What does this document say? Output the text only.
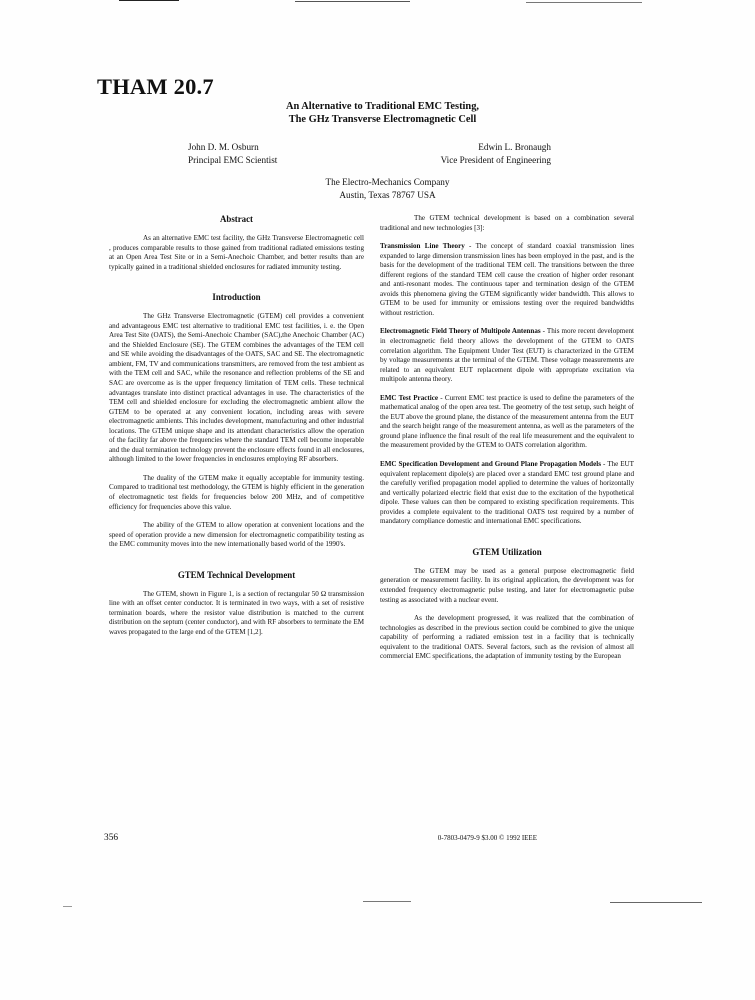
THAM 20.7
An Alternative to Traditional EMC Testing,
The GHz Transverse Electromagnetic Cell
John D. M. Osburn
Principal EMC Scientist
Edwin L. Bronaugh
Vice President of Engineering
The Electro-Mechanics Company
Austin, Texas 78767 USA
Abstract

As an alternative EMC test facility, the GHz Transverse Electromagnetic cell , produces comparable results to those gained from traditional radiated emissions testing at an Open Area Test Site or in a Semi-Anechoic Chamber, and better results than are typically gained in a traditional shielded enclosures for radiated immunity testing.

Introduction

The GHz Transverse Electromagnetic (GTEM) cell provides a convenient and advantageous EMC test alternative to traditional EMC test facilities, i. e. the Open Area Test Site (OATS), the Semi-Anechoic Chamber (SAC),the Anechoic Chamber (AC) and the Shielded Enclosure (SE). The GTEM combines the advantages of the TEM cell and SE while avoiding the disadvantages of the OATS, SAC and SE. The electromagnetic ambient, FM, TV and communications transmitters, are removed from the test ambient as with the TEM cell and SAC, while the resonance and reflection problems of the SE and SAC are overcome as is the upper frequency limitation of TEM cells. These technical advantages translate into distinct practical advantages in use. The characteristics of the TEM cell and shielded enclosure for excluding the electromagnetic ambient allow the GTEM to be operated at any convenient location, including areas with severe electromagnetic ambients. This includes development, manufacturing and other industrial locations. The GTEM unique shape and its attendant characteristics allow the operation of the facility far above the frequencies where the standard TEM cell become inoperable and the dual termination technology prevent the enclosure effects found in all enclosures, although limited to the lower frequencies in enclosures employing RF absorbers.

The duality of the GTEM make it equally acceptable for immunity testing. Compared to traditional test methodology, the GTEM is highly efficient in the generation of electromagnetic test fields for frequencies below 200 MHz, and of competitive efficiency for frequencies above this value.

The ability of the GTEM to allow operation at convenient locations and the speed of operation provide a new dimension for electromagnetic compatibility testing as the EMC community moves into the new internationally based world of the 1990's.

GTEM Technical Development

The GTEM, shown in Figure 1, is a section of rectangular 50 Ω transmission line with an offset center conductor. It is terminated in two ways, with a set of resistive termination boards, where the resistor value distribution is matched to the current distribution on the septum (center conductor), and with RF absorbers to terminate the EM waves propagated to the large end of the GTEM [1,2].

The GTEM technical development is based on a combination several traditional and new technologies [3]:

Transmission Line Theory - The concept of standard coaxial transmission lines expanded to large dimension transmission lines has been employed in the past, and is the basis for the development of the traditional TEM cell. The transitions between the three different regions of the standard TEM cell cause the creation of higher order resonant and anti-resonant modes. The continuous taper and termination design of the GTEM avoids this phenomena giving the GTEM significantly wider bandwidth. This allows to GTEM to be used for immunity or emissions testing over the required bandwidths without restriction.

Electromagnetic Field Theory of Multipole Antennas - This more recent development in electromagnetic field theory allows the development of the GTEM to OATS correlation algorithm. The Equipment Under Test (EUT) is characterized in the GTEM by voltage measurements at the terminal of the GTEM. These voltage measurements are related to an equivalent EUT replacement dipole with appropriate excitation via multipole antenna theory.

EMC Test Practice - Current EMC test practice is used to define the parameters of the mathematical analog of the open area test. The geometry of the test setup, such height of the EUT above the ground plane, the distance of the measurement antenna from the EUT and the search height range of the measurement antenna, as well as the parameters of the ground plane influence the final result of the real life measurement and the equivalent to the measurement provided by the GTEM to OATS correlation algorithm.

EMC Specification Development and Ground Plane Propagation Models - The EUT equivalent replacement dipole(s) are placed over a standard EMC test ground plane and the carefully verified propagation model applied to determine the values of horizontally and vertically polarized electric field that exist due to the excitation of the hypothetical dipole. These values can then be compared to existing specification requirements. This provides a complete equivalent to the traditional OATS test required by a number of mandatory compliance domestic and international EMC specifications.

GTEM Utilization

The GTEM may be used as a general purpose electromagnetic field generation or measurement facility. In its original application, the development was for extended frequency electromagnetic pulse testing, and later for electromagnetic pulse testing as associated with a nuclear event.

As the development progressed, it was realized that the combination of technologies as described in the previous section could be combined to give the unique capability of performing a radiated emission test in a facility that is technically equivalent to the traditional OATS. Several factors, such as the revision of almost all commercial EMC specifications, the adaptation of immunity testing by the European

356	0-7803-0479-9 $3.00 © 1992 IEEE
